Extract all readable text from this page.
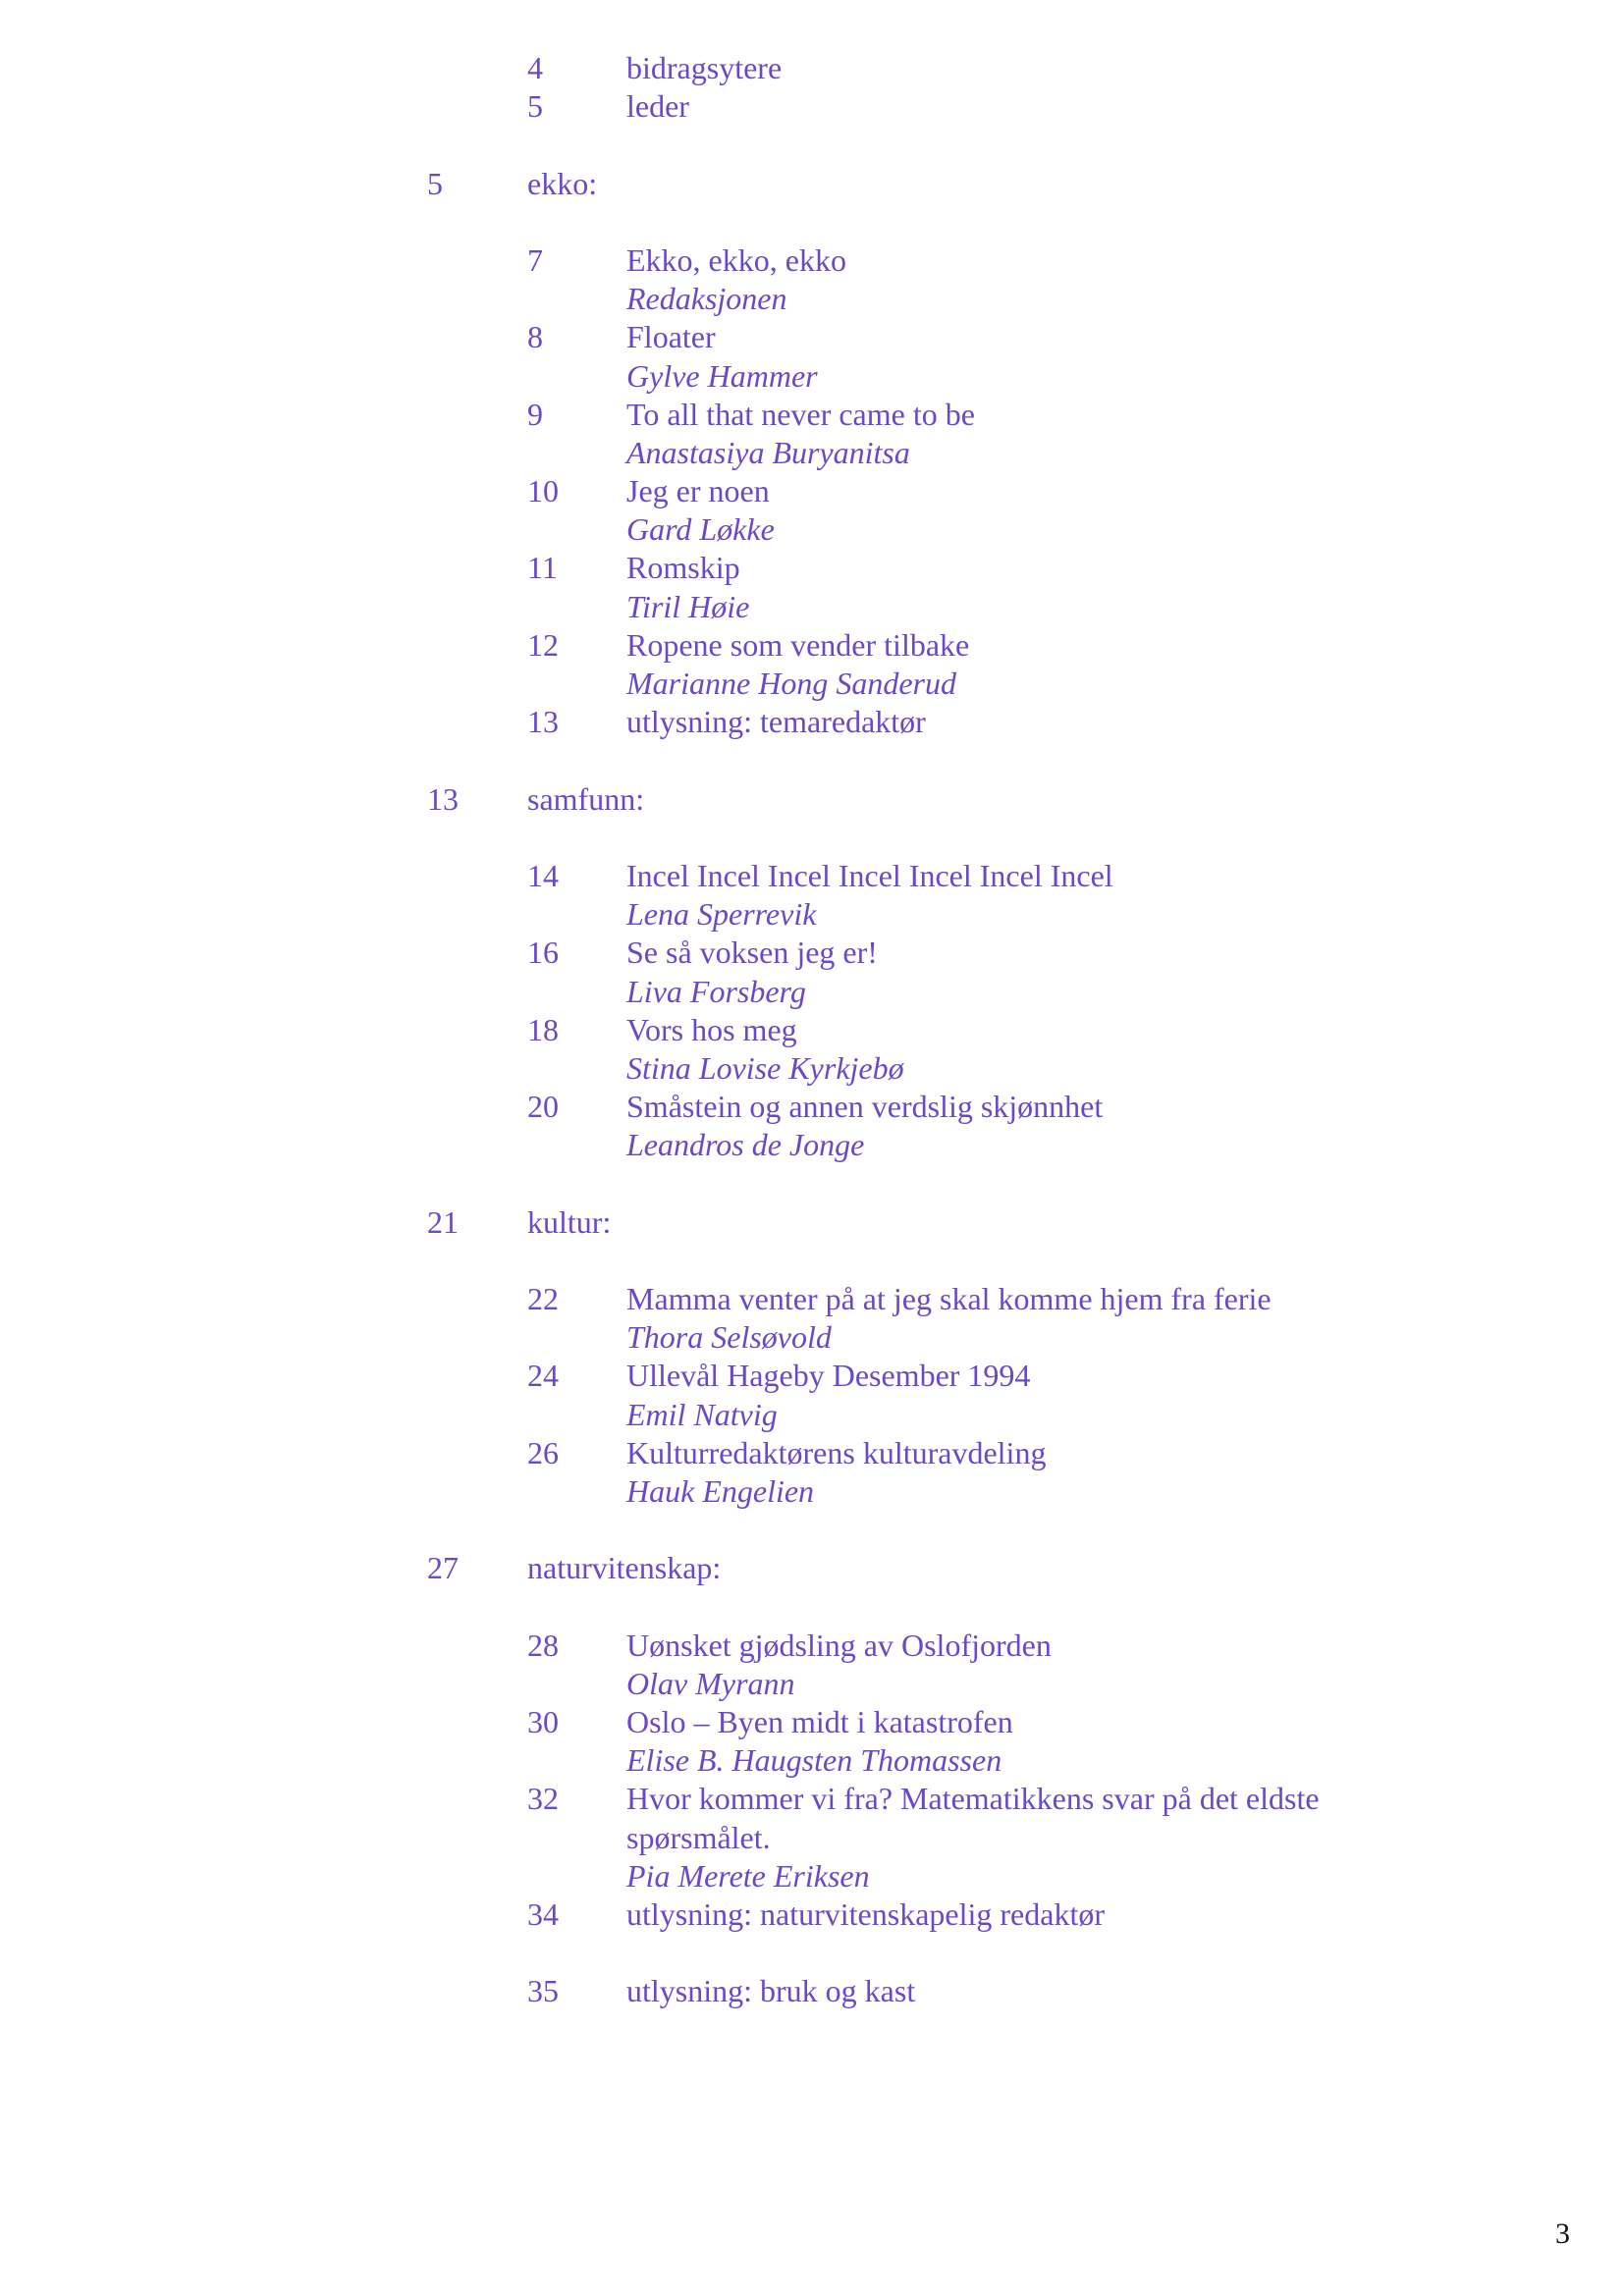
4	bidragsytere
5	leder
5	ekko:
7	Ekko, ekko, ekko
Redaksjonen
8	Floater
Gylve Hammer
9	To all that never came to be
Anastasiya Buryanitsa
10 Jeg er noen
Gard Løkke
11 Romskip
Tiril Høie
12 Ropene som vender tilbake
Marianne Hong Sanderud
13 utlysning: temaredaktør
13 samfunn:
14 Incel Incel Incel Incel Incel Incel Incel
Lena Sperrevik
16 Se så voksen jeg er!
Liva Forsberg
18 Vors hos meg
Stina Lovise Kyrkjebø
20 Småstein og annen verdslig skjønnhet
Leandros de Jonge
21 kultur:
22 Mamma venter på at jeg skal komme hjem fra ferie
Thora Selsøvold
24 Ullevål Hageby Desember 1994
Emil Natvig
26 Kulturredaktørens kulturavdeling
Hauk Engelien
27 naturvitenskap:
28 Uønsket gjødsling av Oslofjorden
Olav Myrann
30 Oslo – Byen midt i katastrofen
Elise B. Haugsten Thomassen
32 Hvor kommer vi fra? Matematikkens svar på det eldste
spørsmålet.
Pia Merete Eriksen
34 utlysning: naturvitenskapelig redaktør
35 utlysning: bruk og kast
3
